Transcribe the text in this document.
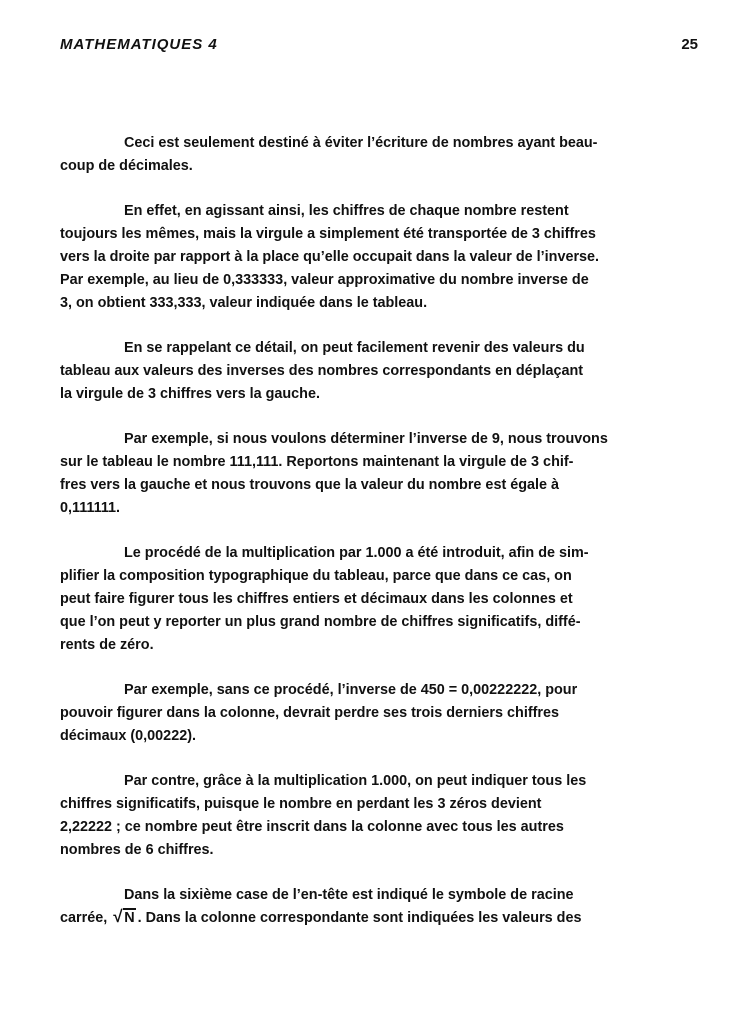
MATHEMATIQUES 4	25

Ceci est seulement destiné à éviter l’écriture de nombres ayant beau-
coup de décimales.

En effet, en agissant ainsi, les chiffres de chaque nombre restent
toujours les mêmes, mais la virgule a simplement été transportée de 3 chiffres
vers la droite par rapport à la place qu’elle occupait dans la valeur de l’inverse.
Par exemple, au lieu de 0,333333, valeur approximative du nombre inverse de
3, on obtient 333,333, valeur indiquée dans le tableau.

En se rappelant ce détail, on peut facilement revenir des valeurs du
tableau aux valeurs des inverses des nombres correspondants en déplaçant
la virgule de 3 chiffres vers la gauche.

Par exemple, si nous voulons déterminer l’inverse de 9, nous trouvons
sur le tableau le nombre 111,111. Reportons maintenant la virgule de 3 chif-
fres vers la gauche et nous trouvons que la valeur du nombre est égale à
0,111111.

Le procédé de la multiplication par 1.000 a été introduit, afin de sim-
plifier la composition typographique du tableau, parce que dans ce cas, on
peut faire figurer tous les chiffres entiers et décimaux dans les colonnes et
que l’on peut y reporter un plus grand nombre de chiffres significatifs, diffé-
rents de zéro.

Par exemple, sans ce procédé, l’inverse de 450 = 0,00222222, pour
pouvoir figurer dans la colonne, devrait perdre ses trois derniers chiffres
décimaux (0,00222).

Par contre, grâce à la multiplication 1.000, on peut indiquer tous les
chiffres significatifs, puisque le nombre en perdant les 3 zéros devient
2,22222 ; ce nombre peut être inscrit dans la colonne avec tous les autres
nombres de 6 chiffres.

Dans la sixième case de l’en-tête est indiqué le symbole de racine
carrée, √ N . Dans la colonne correspondante sont indiquées les valeurs des
